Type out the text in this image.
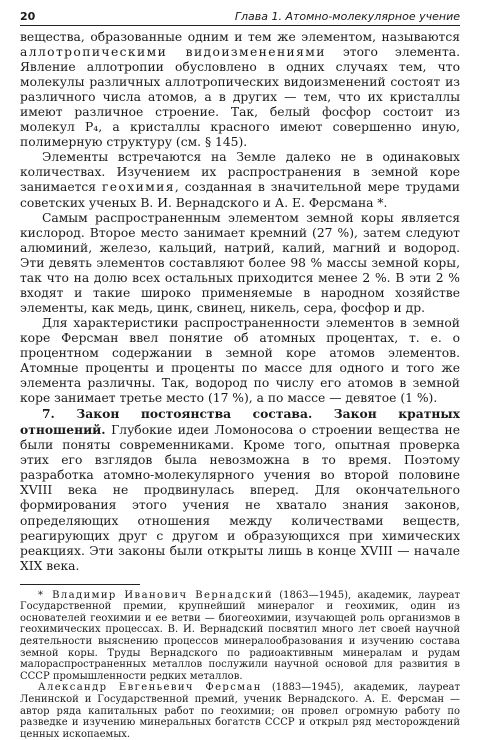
20	Глава 1. Атомно-молекулярное учение

вещества, образованные одним и тем же элементом, называются аллотропическими видоизменениями этого элемента. Явление аллотропии обусловлено в одних случаях тем, что молекулы различных аллотропических видоизменений состоят из различного числа атомов, а в других — тем, что их кристаллы имеют различное строение. Так, белый фосфор состоит из молекул P₄, а кристаллы красного имеют совершенно иную, полимерную структуру (см. § 145).

Элементы встречаются на Земле далеко не в одинаковых количествах. Изучением их распространения в земной коре занимается геохимия, созданная в значительной мере трудами советских ученых В. И. Вернадского и А. Е. Ферсмана *.

Самым распространенным элементом земной коры является кислород. Второе место занимает кремний (27 %), затем следуют алюминий, железо, кальций, натрий, калий, магний и водород. Эти девять элементов составляют более 98 % массы земной коры, так что на долю всех остальных приходится менее 2 %. В эти 2 % входят и такие широко применяемые в народном хозяйстве элементы, как медь, цинк, свинец, никель, сера, фосфор и др.

Для характеристики распространенности элементов в земной коре Ферсман ввел понятие об атомных процентах, т. е. о процентном содержании в земной коре атомов элементов. Атомные проценты и проценты по массе для одного и того же элемента различны. Так, водород по числу его атомов в земной коре занимает третье место (17 %), а по массе — девятое (1 %).

7. Закон постоянства состава. Закон кратных отношений. Глубокие идеи Ломоносова о строении вещества не были поняты современниками. Кроме того, опытная проверка этих его взглядов была невозможна в то время. Поэтому разработка атомно-молекулярного учения во второй половине XVIII века не продвинулась вперед. Для окончательного формирования этого учения не хватало знания законов, определяющих отношения между количествами веществ, реагирующих друг с другом и образующихся при химических реакциях. Эти законы были открыты лишь в конце XVIII — начале XIX века.

* Владимир Иванович Вернадский (1863—1945), академик, лауреат Государственной премии, крупнейший минералог и геохимик, один из основателей геохимии и ее ветви — биогеохимии, изучающей роль организмов в геохимических процессах. В. И. Вернадский посвятил много лет своей научной деятельности выяснению процессов минералообразования и изучению состава земной коры. Труды Вернадского по радиоактивным минералам и рудам малораспространенных металлов послужили научной основой для развития в СССР промышленности редких металлов.

Александр Евгеньевич Ферсман (1883—1945), академик, лауреат Ленинской и Государственной премий, ученик Вернадского. А. Е. Ферсман — автор ряда капитальных работ по геохимии; он провел огромную работу по разведке и изучению минеральных богатств СССР и открыл ряд месторождений ценных ископаемых.
